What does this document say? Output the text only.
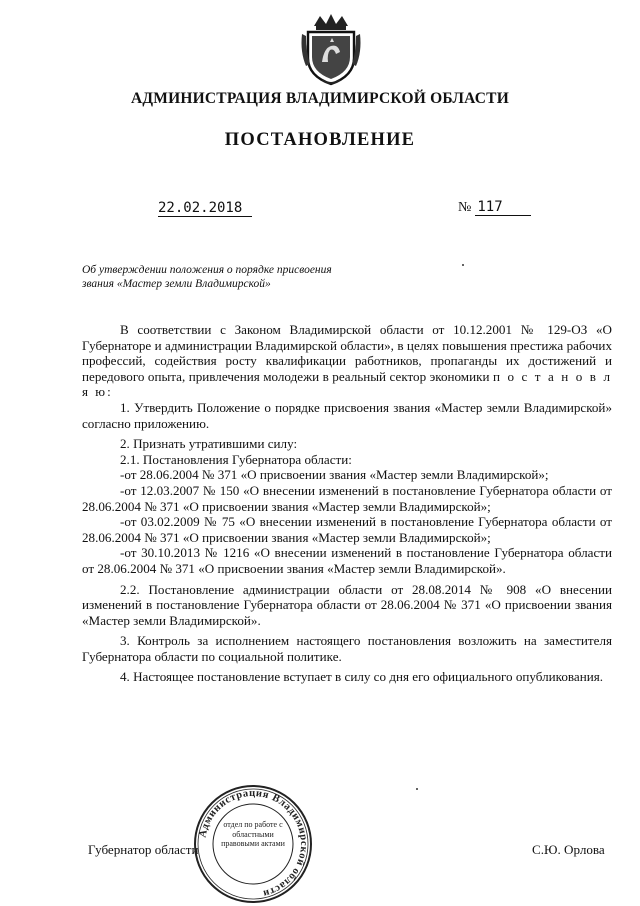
АДМИНИСТРАЦИЯ ВЛАДИМИРСКОЙ ОБЛАСТИ
ПОСТАНОВЛЕНИЕ
22.02.2018	№ 117
Об утверждении положения о порядке присвоения
звания «Мастер земли Владимирской»

В соответствии с Законом Владимирской области от 10.12.2001 № 129-ОЗ «О Губернаторе и администрации Владимирской области», в целях повышения престижа рабочих профессий, содействия росту квалификации работников, пропаганды их достижений и передового опыта, привлечения молодежи в реальный сектор экономики п о с т а н о в л я ю:

1. Утвердить Положение о порядке присвоения звания «Мастер земли Владимирской» согласно приложению.

2. Признать утратившими силу:

2.1. Постановления Губернатора области:

-от 28.06.2004 № 371 «О присвоении звания «Мастер земли Владимирской»;

-от 12.03.2007 № 150 «О внесении изменений в постановление Губернатора области от 28.06.2004 № 371 «О присвоении звания «Мастер земли Владимирской»;

-от 03.02.2009 № 75 «О внесении изменений в постановление Губернатора области от 28.06.2004 № 371 «О присвоении звания «Мастер земли Владимирской»;

-от 30.10.2013 № 1216 «О внесении изменений в постановление Губернатора области от 28.06.2004 № 371 «О присвоении звания «Мастер земли Владимирской».

2.2. Постановление администрации области от 28.08.2014 № 908 «О внесении изменений в постановление Губернатора области от 28.06.2004 № 371 «О присвоении звания «Мастер земли Владимирской».

3. Контроль за исполнением настоящего постановления возложить на заместителя Губернатора области по социальной политике.

4. Настоящее постановление вступает в силу со дня его официального опубликования.

Губернатор области	С.Ю. Орлова
Администрация Владимирской области
отдел по работе с областными правовыми актами
